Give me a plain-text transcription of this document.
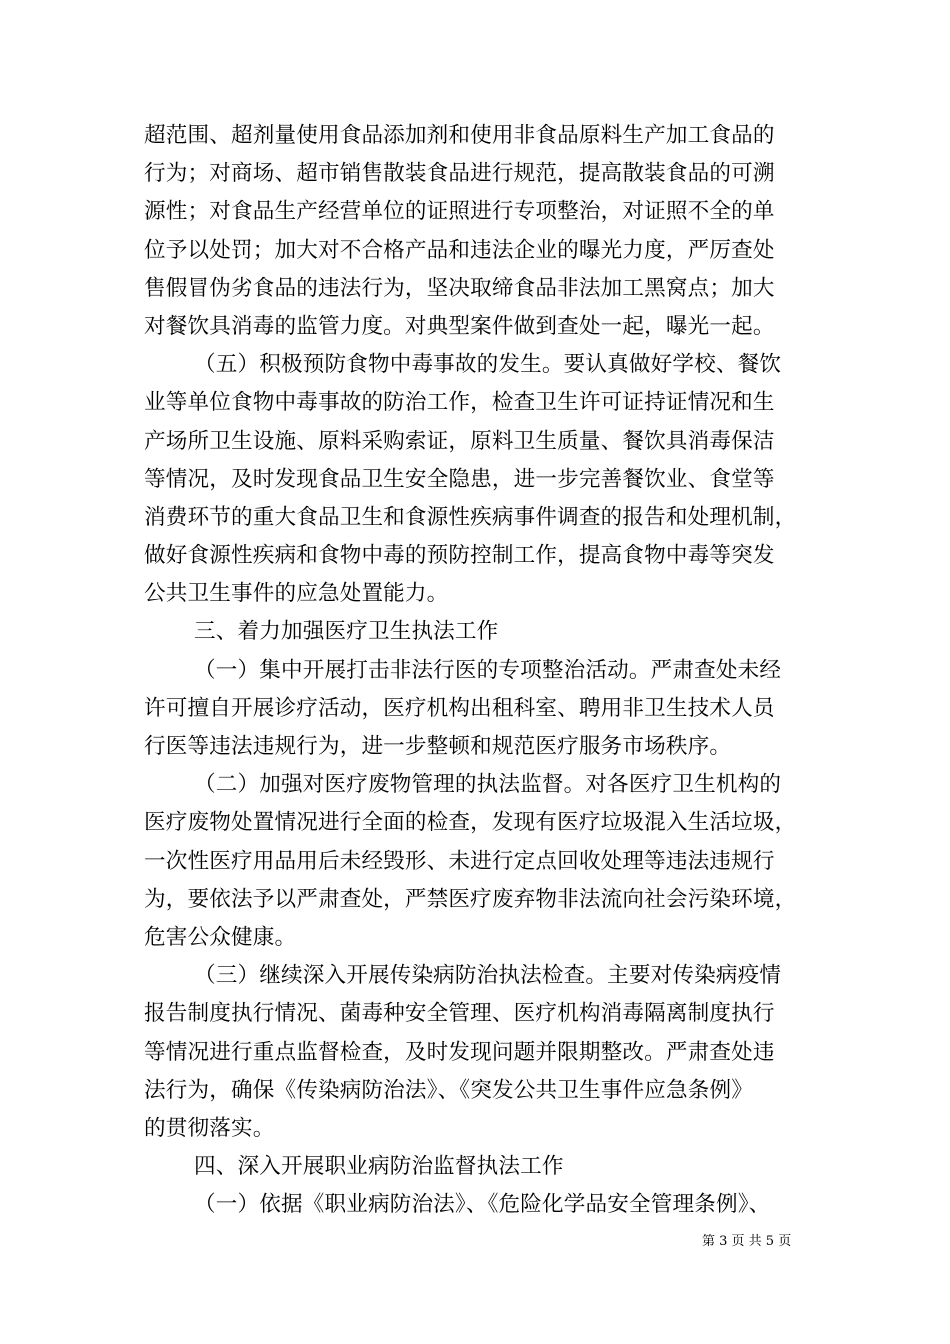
超范围、超剂量使用食品添加剂和使用非食品原料生产加工食品的
行为；对商场、超市销售散装食品进行规范，提高散装食品的可溯
源性；对食品生产经营单位的证照进行专项整治，对证照不全的单
位予以处罚；加大对不合格产品和违法企业的曝光力度，严厉查处
售假冒伪劣食品的违法行为，坚决取缔食品非法加工黑窝点；加大
对餐饮具消毒的监管力度。对典型案件做到查处一起，曝光一起。
（五）积极预防食物中毒事故的发生。要认真做好学校、餐饮
业等单位食物中毒事故的防治工作，检查卫生许可证持证情况和生
产场所卫生设施、原料采购索证，原料卫生质量、餐饮具消毒保洁
等情况，及时发现食品卫生安全隐患，进一步完善餐饮业、食堂等
消费环节的重大食品卫生和食源性疾病事件调查的报告和处理机制，
做好食源性疾病和食物中毒的预防控制工作，提高食物中毒等突发
公共卫生事件的应急处置能力。
三、着力加强医疗卫生执法工作
（一）集中开展打击非法行医的专项整治活动。严肃查处未经
许可擅自开展诊疗活动，医疗机构出租科室、聘用非卫生技术人员
行医等违法违规行为，进一步整顿和规范医疗服务市场秩序。
（二）加强对医疗废物管理的执法监督。对各医疗卫生机构的
医疗废物处置情况进行全面的检查，发现有医疗垃圾混入生活垃圾，
一次性医疗用品用后未经毁形、未进行定点回收处理等违法违规行
为，要依法予以严肃查处，严禁医疗废弃物非法流向社会污染环境，
危害公众健康。
（三）继续深入开展传染病防治执法检查。主要对传染病疫情
报告制度执行情况、菌毒种安全管理、医疗机构消毒隔离制度执行
等情况进行重点监督检查，及时发现问题并限期整改。严肃查处违
法行为，确保《传染病防治法》、《突发公共卫生事件应急条例》
的贯彻落实。
四、深入开展职业病防治监督执法工作
（一）依据《职业病防治法》、《危险化学品安全管理条例》、
第 3 页 共 5 页
